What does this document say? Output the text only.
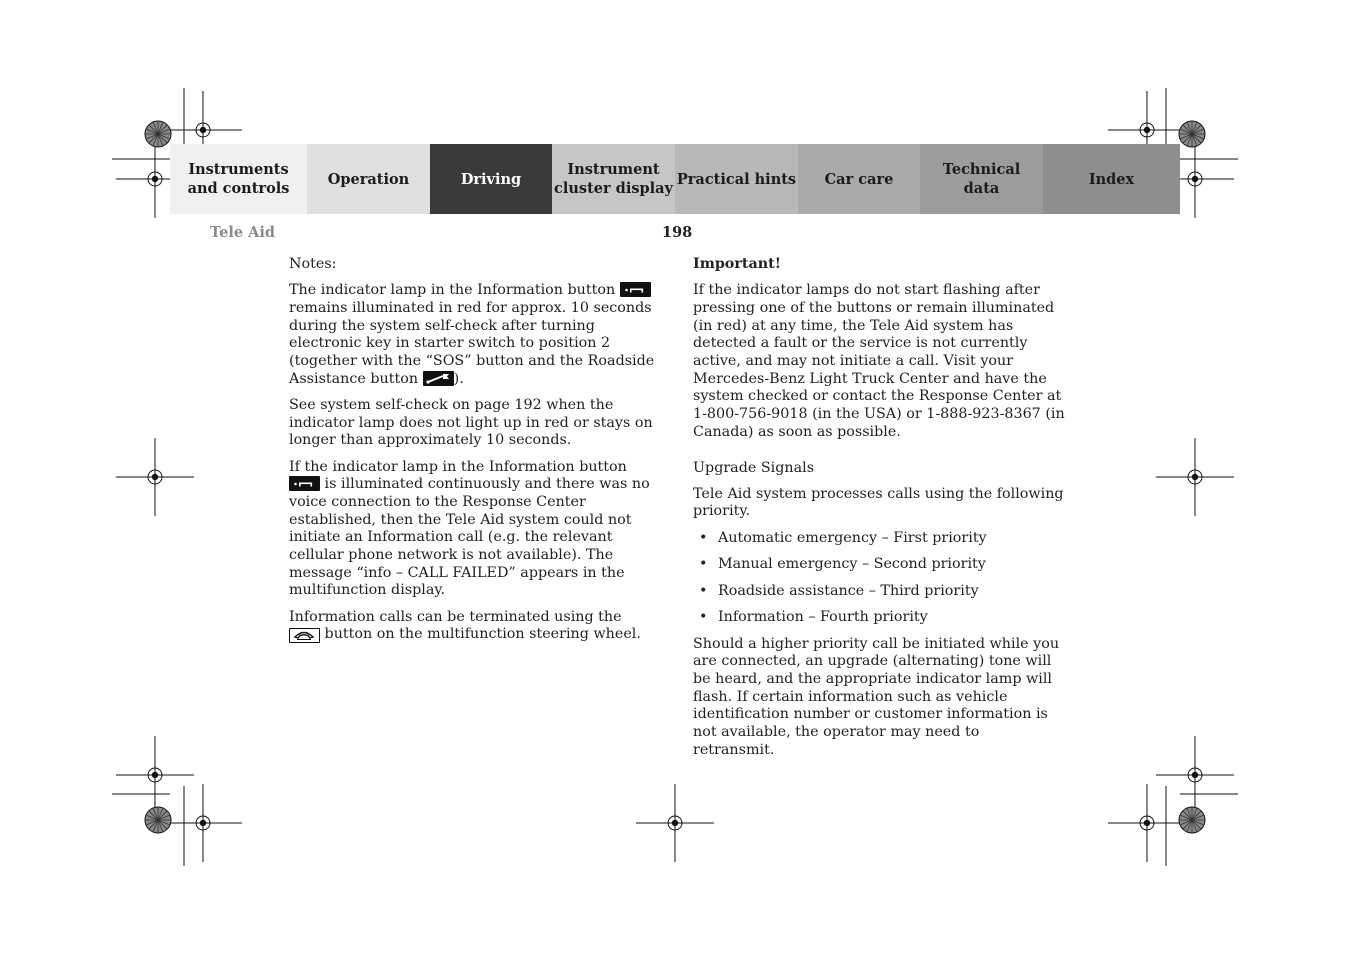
Instruments
and controls
Operation	Driving
Instrument
cluster display
Practical hints Car care
Technical
data
Index
Tele Aid	198

Notes:

The indicator lamp in the Information button  remains illuminated in red for approx. 10 seconds during the system self-check after turning electronic key in starter switch to position 2 (together with the “SOS” button and the Roadside Assistance button ).

See system self-check on page 192 when the indicator lamp does not light up in red or stays on longer than approximately 10 seconds.

If the indicator lamp in the Information button  is illuminated continuously and there was no voice connection to the Response Center established, then the Tele Aid system could not initiate an Information call (e.g. the relevant cellular phone network is not available). The message “info – CALL FAILED” appears in the multifunction display.

Information calls can be terminated using the
button on the multifunction steering wheel.

Important!

If the indicator lamps do not start flashing after pressing one of the buttons or remain illuminated (in red) at any time, the Tele Aid system has detected a fault or the service is not currently active, and may not initiate a call. Visit your Mercedes-Benz Light Truck Center and have the system checked or contact the Response Center at 1-800-756-9018 (in the USA) or 1-888-923-8367 (in Canada) as soon as possible.

Upgrade Signals

Tele Aid system processes calls using the following priority.

• Automatic emergency – First priority
• Manual emergency – Second priority
• Roadside assistance – Third priority
• Information – Fourth priority

Should a higher priority call be initiated while you are connected, an upgrade (alternating) tone will be heard, and the appropriate indicator lamp will flash. If certain information such as vehicle identification number or customer information is not available, the operator may need to retransmit.
